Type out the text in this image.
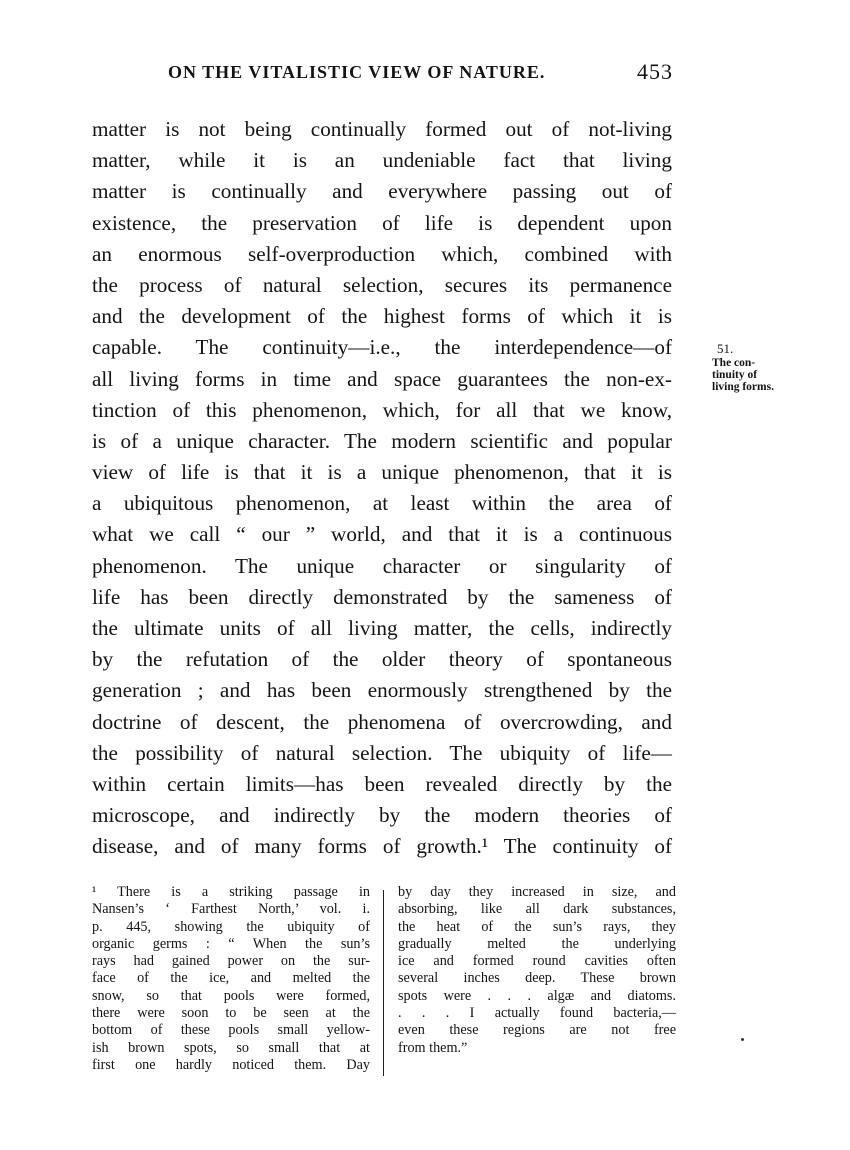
ON THE VITALISTIC VIEW OF NATURE.	453
matter is not being continually formed out of not-living
matter, while it is an undeniable fact that living
matter is continually and everywhere passing out of
existence, the preservation of life is dependent upon
an enormous self-overproduction which, combined with
the process of natural selection, secures its permanence
and the development of the highest forms of which it is
capable. The continuity—i.e., the interdependence—of
all living forms in time and space guarantees the non-ex-
tinction of this phenomenon, which, for all that we know,
is of a unique character. The modern scientific and popular
view of life is that it is a unique phenomenon, that it is
a ubiquitous phenomenon, at least within the area of
what we call “ our ” world, and that it is a continuous
phenomenon. The unique character or singularity of
life has been directly demonstrated by the sameness of
the ultimate units of all living matter, the cells, indirectly
by the refutation of the older theory of spontaneous
generation ; and has been enormously strengthened by the
doctrine of descent, the phenomena of overcrowding, and
the possibility of natural selection. The ubiquity of life—
within certain limits—has been revealed directly by the
microscope, and indirectly by the modern theories of
disease, and of many forms of growth.¹ The continuity of
51.
The con-
tinuity of
living forms.
¹ There is a striking passage in
Nansen’s ‘ Farthest North,’ vol. i.
p. 445, showing the ubiquity of
organic germs : “ When the sun’s
rays had gained power on the sur-
face of the ice, and melted the
snow, so that pools were formed,
there were soon to be seen at the
bottom of these pools small yellow-
ish brown spots, so small that at
first one hardly noticed them. Day
by day they increased in size, and
absorbing, like all dark substances,
the heat of the sun’s rays, they
gradually melted the underlying
ice and formed round cavities often
several inches deep. These brown
spots were . . . algæ and diatoms.
. . . I actually found bacteria,—
even these regions are not free
from them.”
